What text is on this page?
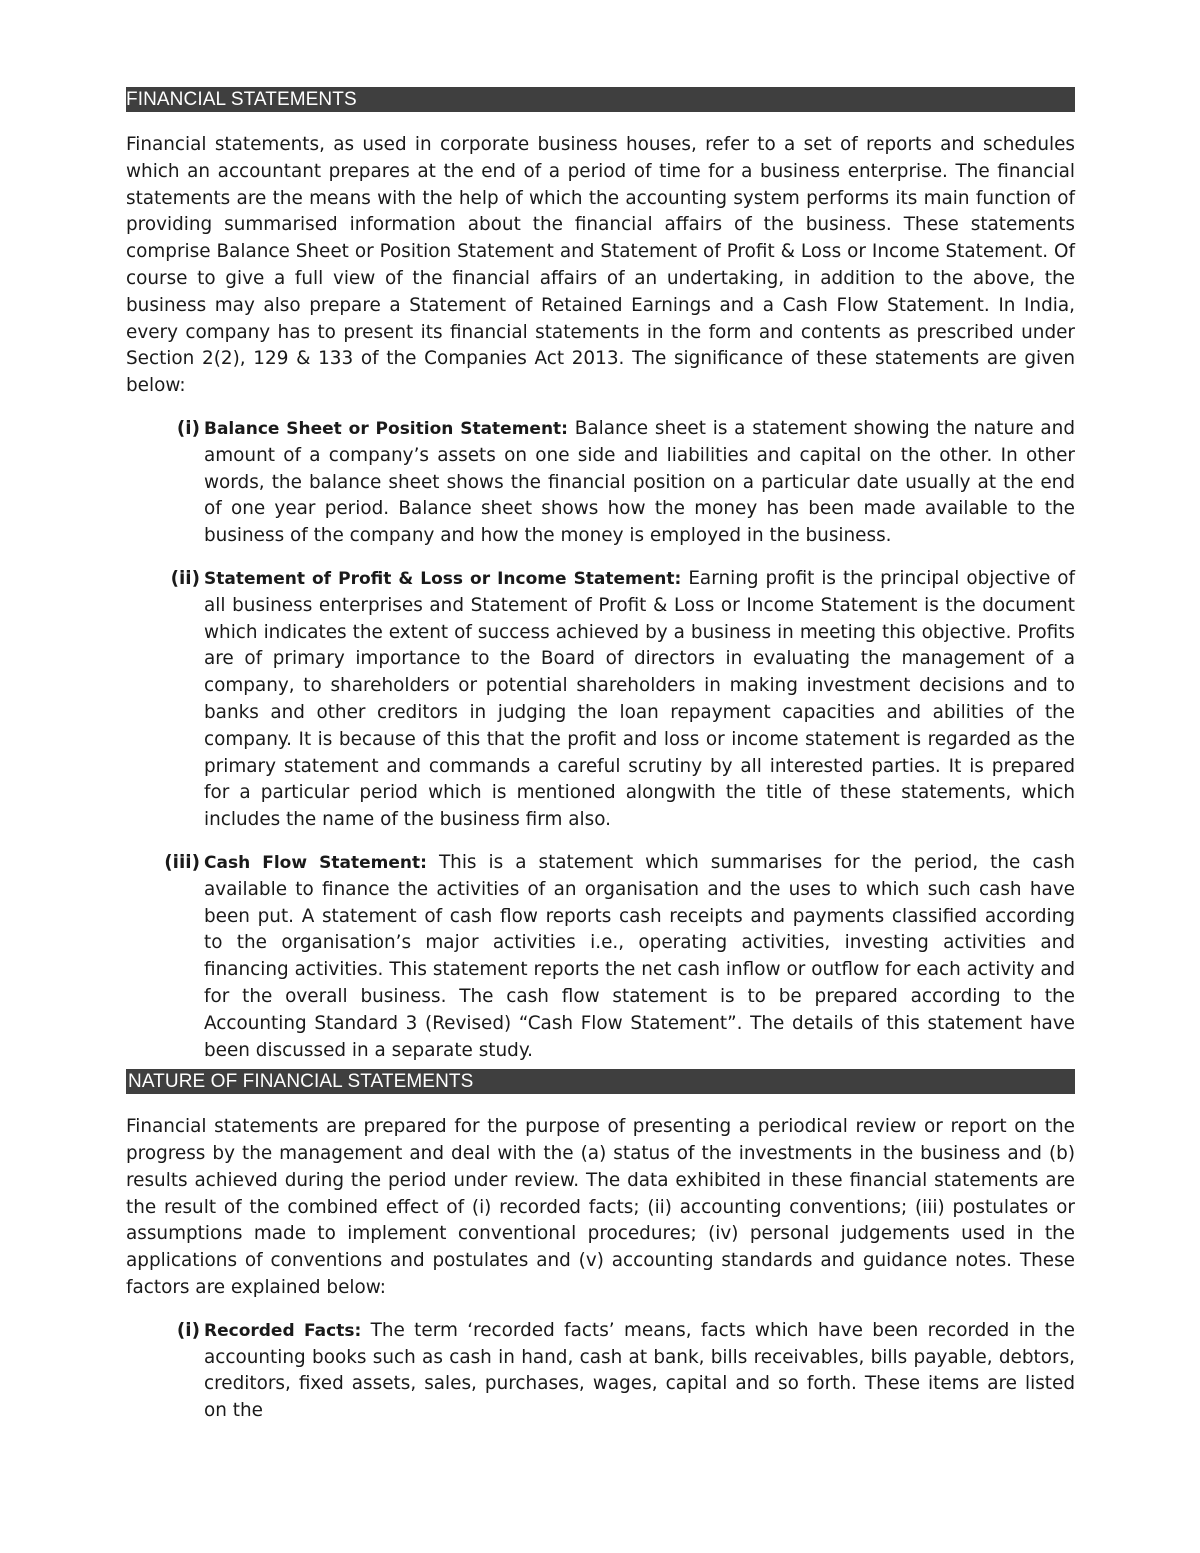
FINANCIAL STATEMENTS

Financial statements, as used in corporate business houses, refer to a set of reports and schedules which an accountant prepares at the end of a period of time for a business enterprise. The financial statements are the means with the help of which the accounting system performs its main function of providing summarised information about the financial affairs of the business. These statements comprise Balance Sheet or Position Statement and Statement of Profit & Loss or Income Statement. Of course to give a full view of the financial affairs of an undertaking, in addition to the above, the business may also prepare a Statement of Retained Earnings and a Cash Flow Statement. In India, every company has to present its financial statements in the form and contents as prescribed under Section 2(2), 129 & 133 of the Companies Act 2013. The significance of these statements are given below:

(i) Balance Sheet or Position Statement: Balance sheet is a statement showing the nature and amount of a company’s assets on one side and liabilities and capital on the other. In other words, the balance sheet shows the financial position on a particular date usually at the end of one year period. Balance sheet shows how the money has been made available to the business of the company and how the money is employed in the business.

(ii) Statement of Profit & Loss or Income Statement: Earning profit is the principal objective of all business enterprises and Statement of Profit & Loss or Income Statement is the document which indicates the extent of success achieved by a business in meeting this objective. Profits are of primary importance to the Board of directors in evaluating the management of a company, to shareholders or potential shareholders in making investment decisions and to banks and other creditors in judging the loan repayment capacities and abilities of the company. It is because of this that the profit and loss or income statement is regarded as the primary statement and commands a careful scrutiny by all interested parties. It is prepared for a particular period which is mentioned alongwith the title of these statements, which includes the name of the business firm also.

(iii) Cash Flow Statement: This is a statement which summarises for the period, the cash available to finance the activities of an organisation and the uses to which such cash have been put. A statement of cash flow reports cash receipts and payments classified according to the organisation’s major activities i.e., operating activities, investing activities and financing activities. This statement reports the net cash inflow or outflow for each activity and for the overall business. The cash flow statement is to be prepared according to the Accounting Standard 3 (Revised) “Cash Flow Statement”. The details of this statement have been discussed in a separate study.

NATURE OF FINANCIAL STATEMENTS

Financial statements are prepared for the purpose of presenting a periodical review or report on the progress by the management and deal with the (a) status of the investments in the business and (b) results achieved during the period under review. The data exhibited in these financial statements are the result of the combined effect of (i) recorded facts; (ii) accounting conventions; (iii) postulates or assumptions made to implement conventional procedures; (iv) personal judgements used in the applications of conventions and postulates and (v) accounting standards and guidance notes. These factors are explained below:

(i) Recorded Facts: The term ‘recorded facts’ means, facts which have been recorded in the accounting books such as cash in hand, cash at bank, bills receivables, bills payable, debtors, creditors, fixed assets, sales, purchases, wages, capital and so forth. These items are listed on the
